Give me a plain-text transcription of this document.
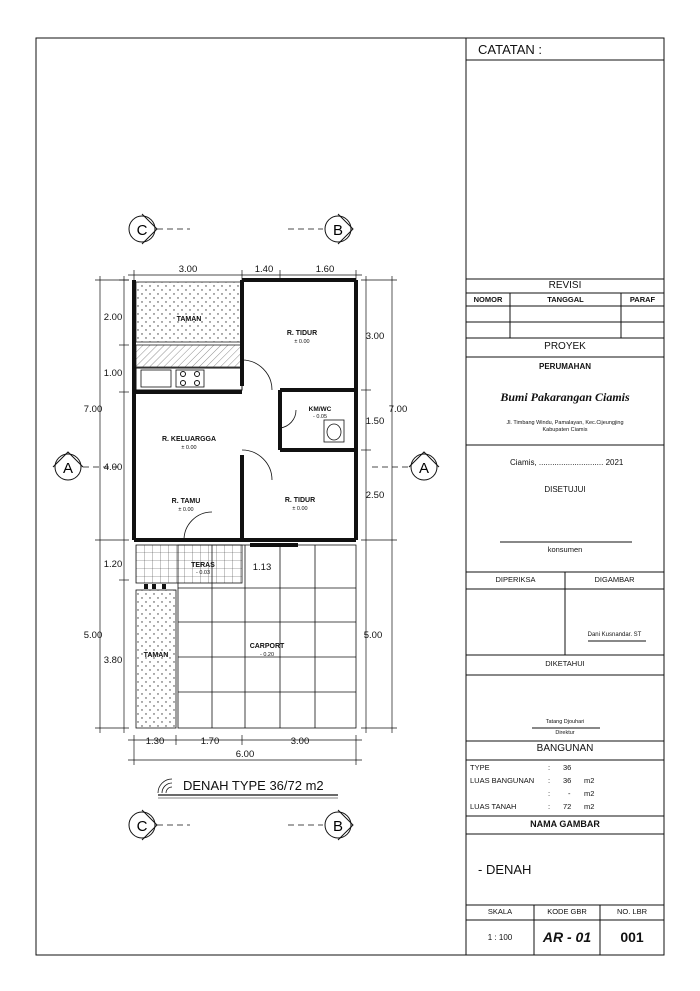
TAMAN
R. TIDUR
± 0.00
KM/WC
- 0.05
R. KELUARGGA
± 0.00
R. TAMU
± 0.00
R. TIDUR
± 0.00
TERAS
- 0.03
TAMAN
CARPORT
- 0.20
3.00	1.40	1.60
1.30	1.70	3.00
6.00
2.00
1.00
4.00
1.20
3.80
7.00
5.00
3.00
1.50
2.50
7.00
5.00
1.13
C	B
A	A
C	B
DENAH TYPE 36/72 m2
CATATAN :
REVISI
NOMOR	TANGGAL	PARAF
PROYEK
PERUMAHAN
Bumi Pakarangan Ciamis
Jl. Timbang Windu, Pamalayan, Kec.Cijeungjing
Kabupaten Ciamis
Ciamis, ............................. 2021
DISETUJUI
konsumen
DIPERIKSA	DIGAMBAR
Dani Kusnandar. ST
DIKETAHUI
Tatang Djouhari
Direktur
BANGUNAN
TYPE	: 36
LUAS BANGUNAN : 36 m2
: - m2
LUAS TANAH	: 72 m2
NAMA GAMBAR
- DENAH
SKALA	KODE GBR	NO. LBR
1 : 100	AR - 01	001
